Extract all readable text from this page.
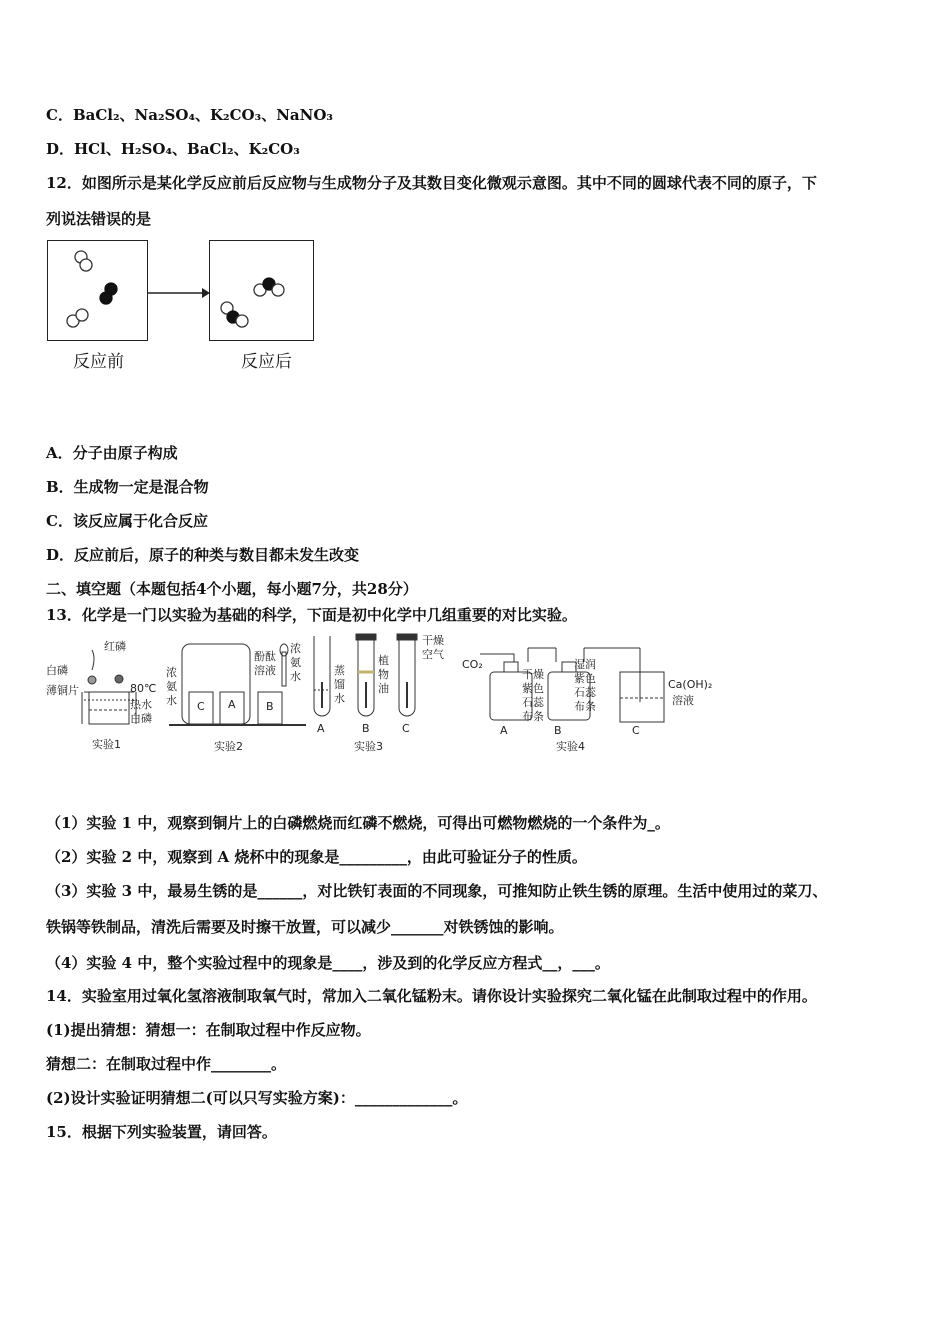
C．BaCl₂、Na₂SO₄、K₂CO₃、NaNO₃
D．HCl、H₂SO₄、BaCl₂、K₂CO₃
12．如图所示是某化学反应前后反应物与生成物分子及其数目变化微观示意图。其中不同的圆球代表不同的原子，下
列说法错误的是
反应前	反应后
A．分子由原子构成
B．生成物一定是混合物
C．该反应属于化合反应
D．反应前后，原子的种类与数目都未发生改变
二、填空题（本题包括4个小题，每小题7分，共28分）
13．化学是一门以实验为基础的科学，下面是初中化学中几组重要的对比实验。
红磷
白磷
薄铜片	80℃
热水
白磷
实验1
浓
氨
水
酚酞
溶液
浓
氨
水
C A	B
实验2
蒸
馏
水
植
物
油
干燥
空气
A	B	C
实验3
CO₂
干燥
紫色
石蕊
布条
湿润
紫色
石蕊
布条
Ca(OH)₂
溶液
A	B	C
实验4
（1）实验 1 中，观察到铜片上的白磷燃烧而红磷不燃烧，可得出可燃物燃烧的一个条件为_。
（2）实验 2 中，观察到 A 烧杯中的现象是_________，由此可验证分子的性质。
（3）实验 3 中，最易生锈的是______，对比铁钉表面的不同现象，可推知防止铁生锈的原理。生活中使用过的菜刀、
铁锅等铁制品，清洗后需要及时擦干放置，可以减少_______对铁锈蚀的影响。
（4）实验 4 中，整个实验过程中的现象是____，涉及到的化学反应方程式__，___。
14．实验室用过氧化氢溶液制取氧气时，常加入二氧化锰粉末。请你设计实验探究二氧化锰在此制取过程中的作用。
(1)提出猜想：猜想一：在制取过程中作反应物。
猜想二：在制取过程中作________。
(2)设计实验证明猜想二(可以只写实验方案)：_____________。
15．根据下列实验装置，请回答。
